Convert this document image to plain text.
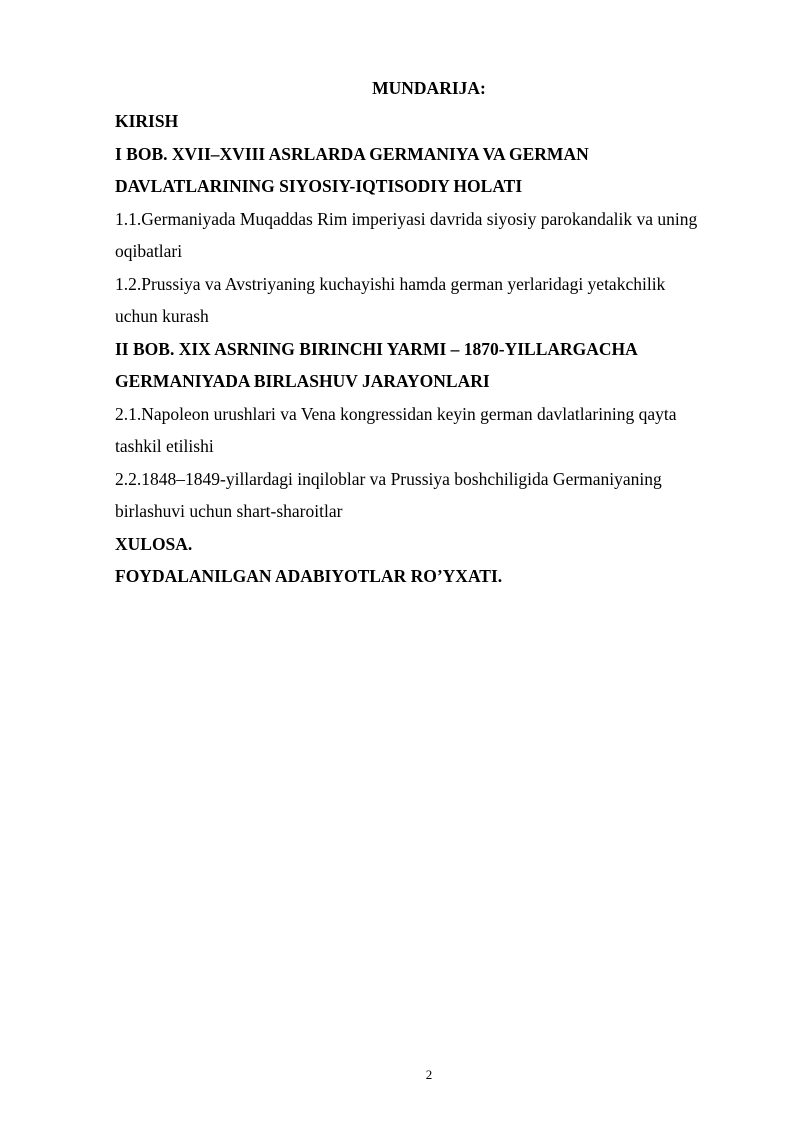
MUNDARIJA:
KIRISH
I BOB. XVII–XVIII ASRLARDA GERMANIYA VA GERMAN
DAVLATLARINING SIYOSIY-IQTISODIY HOLATI
1.1.Germaniyada Muqaddas Rim imperiyasi davrida siyosiy parokandalik va uning
oqibatlari
1.2.Prussiya va Avstriyaning kuchayishi hamda german yerlaridagi yetakchilik
uchun kurash
II BOB. XIX ASRNING BIRINCHI YARMI – 1870-YILLARGACHA
GERMANIYADA BIRLASHUV JARAYONLARI
2.1.Napoleon urushlari va Vena kongressidan keyin german davlatlarining qayta
tashkil etilishi
2.2.1848–1849-yillardagi inqiloblar va Prussiya boshchiligida Germaniyaning
birlashuvi uchun shart-sharoitlar
XULOSA.
FOYDALANILGAN ADABIYOTLAR RO’YXATI.
2
